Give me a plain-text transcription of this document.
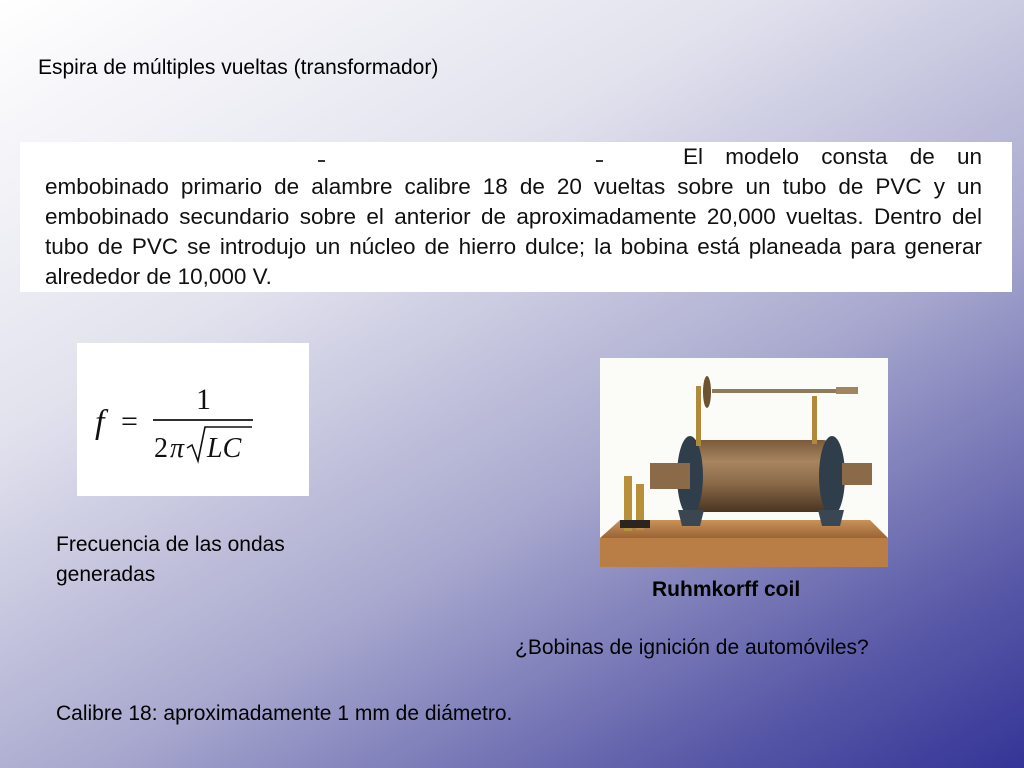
Espira de múltiples vueltas (transformador)
El modelo consta de un embobinado primario de alambre calibre 18 de 20 vueltas sobre un tubo de PVC y un embobinado secundario sobre el anterior de aproximadamente 20,000 vueltas. Dentro del tubo de PVC se introdujo un núcleo de hierro dulce; la bobina está planeada para generar alrededor de 10,000 V.
f =
1
2 π LC
Frecuencia de las ondas generadas
Ruhmkorff coil
¿Bobinas de ignición de automóviles?
Calibre 18: aproximadamente 1 mm de diámetro.
